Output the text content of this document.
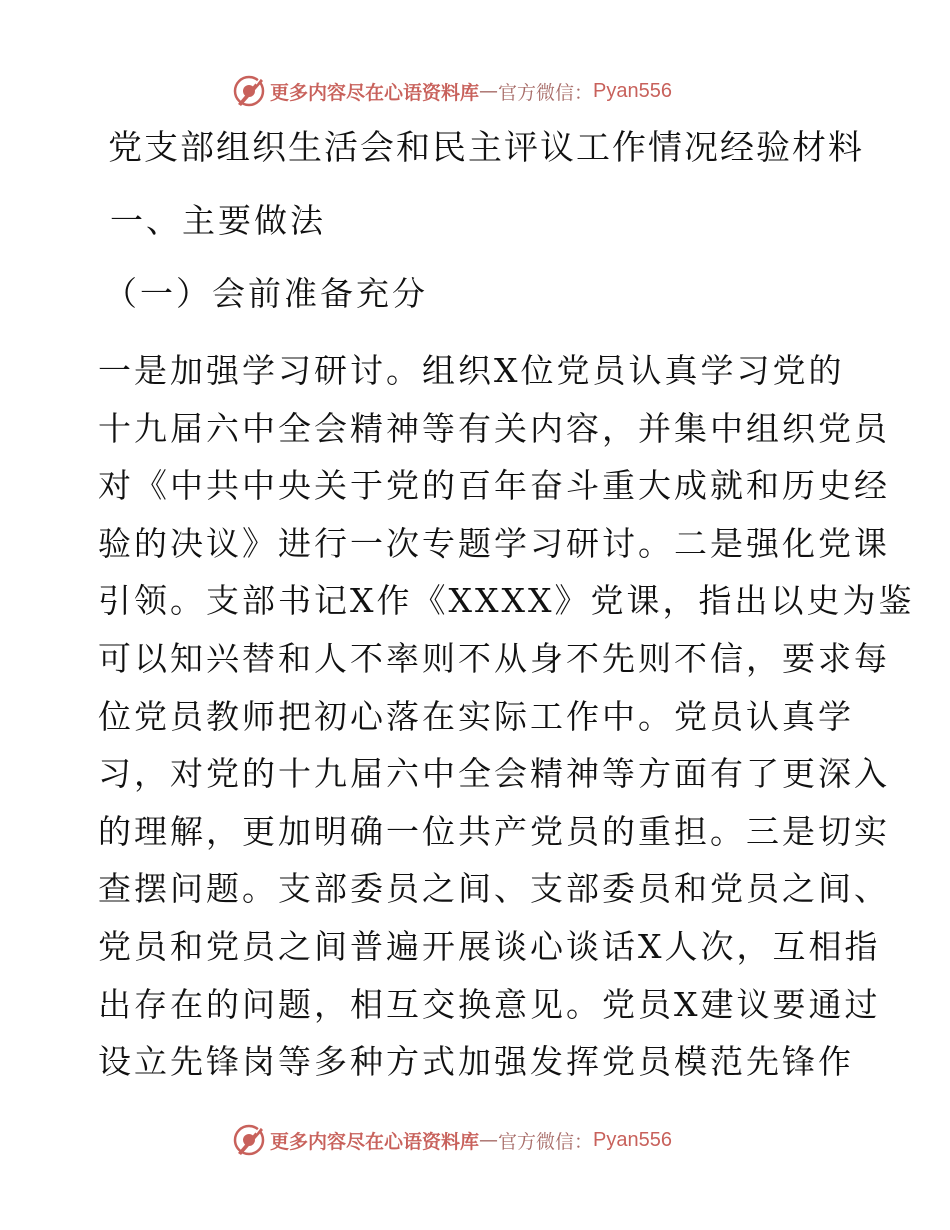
更多内容尽在心语资料库 — 官方微信： Pyan556
党支部组织生活会和民主评议工作情况经验材料
一、主要做法
（一）会前准备充分
一是加强学习研讨。组织X位党员认真学习党的
十九届六中全会精神等有关内容，并集中组织党员
对《中共中央关于党的百年奋斗重大成就和历史经
验的决议》进行一次专题学习研讨。二是强化党课
引领。支部书记X作《XXXX》党课，指出以史为鉴
可以知兴替和人不率则不从身不先则不信，要求每
位党员教师把初心落在实际工作中。党员认真学
习，对党的十九届六中全会精神等方面有了更深入
的理解，更加明确一位共产党员的重担。三是切实
查摆问题。支部委员之间、支部委员和党员之间、
党员和党员之间普遍开展谈心谈话X人次，互相指
出存在的问题，相互交换意见。党员X建议要通过
设立先锋岗等多种方式加强发挥党员模范先锋作
更多内容尽在心语资料库 — 官方微信： Pyan556
